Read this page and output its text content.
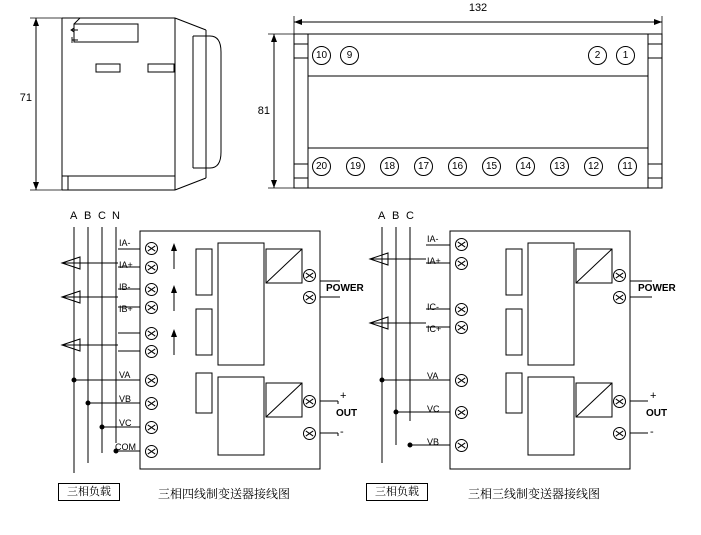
71
132
81
10	9	2	1
20	19	18	17	16	15	14	13	12	11
A B C N
IA-
IA+
IB-
IB+
VA
VB
VC
COM
POWER
+
OUT
-
三相负载	三相四线制变送器接线图
A B C
IA-
IA+
IC-
IC+
VA
VC
VB
POWER
+
OUT
-
三相负载	三相三线制变送器接线图
